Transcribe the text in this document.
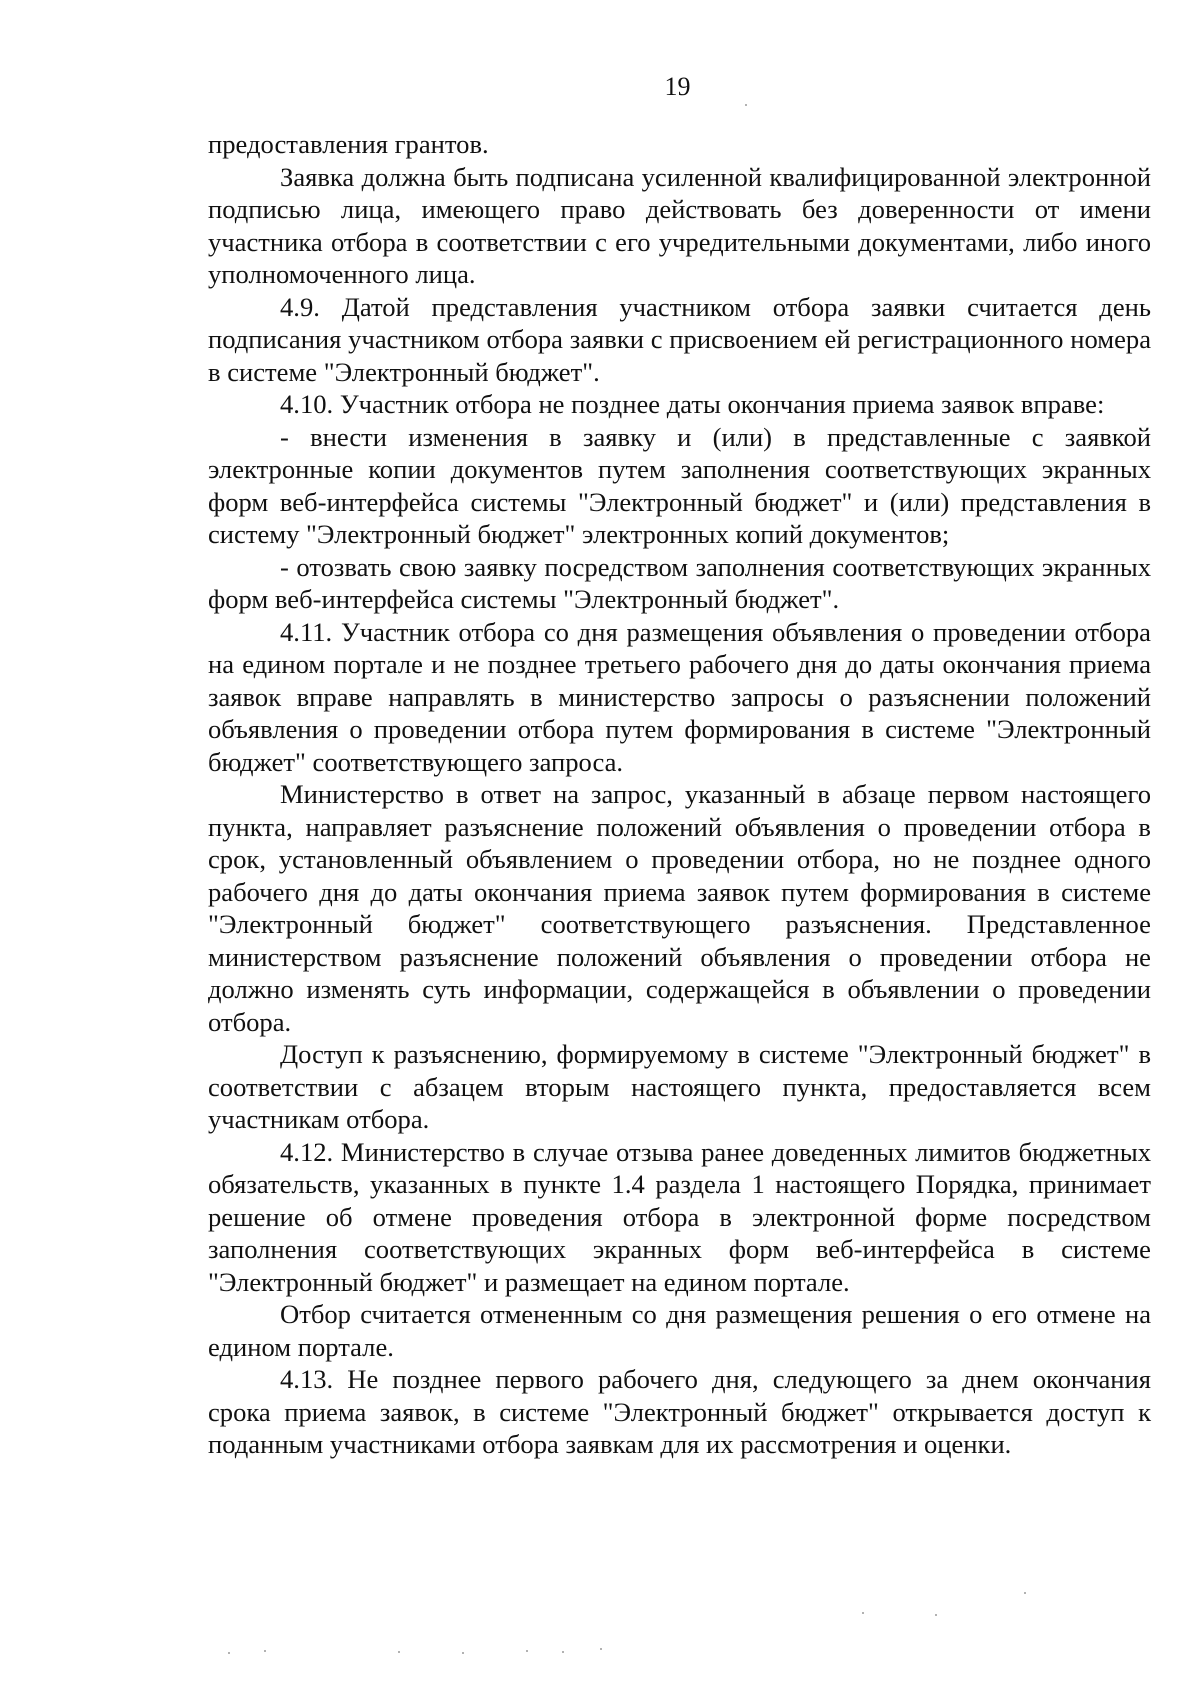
19

предоставления грантов.

Заявка должна быть подписана усиленной квалифицированной электронной подписью лица, имеющего право действовать без доверенности от имени участника отбора в соответствии с его учредительными документами, либо иного уполномоченного лица.

4.9. Датой представления участником отбора заявки считается день подписания участником отбора заявки с присвоением ей регистрационного номера в системе "Электронный бюджет".

4.10. Участник отбора не позднее даты окончания приема заявок вправе:

- внести изменения в заявку и (или) в представленные с заявкой электронные копии документов путем заполнения соответствующих экранных форм веб-интерфейса системы "Электронный бюджет" и (или) представления в систему "Электронный бюджет" электронных копий документов;

- отозвать свою заявку посредством заполнения соответствующих экранных форм веб-интерфейса системы "Электронный бюджет".

4.11. Участник отбора со дня размещения объявления о проведении отбора на едином портале и не позднее третьего рабочего дня до даты окончания приема заявок вправе направлять в министерство запросы о разъяснении положений объявления о проведении отбора путем формирования в системе "Электронный бюджет" соответствующего запроса.

Министерство в ответ на запрос, указанный в абзаце первом настоящего пункта, направляет разъяснение положений объявления о проведении отбора в срок, установленный объявлением о проведении отбора, но не позднее одного рабочего дня до даты окончания приема заявок путем формирования в системе "Электронный бюджет" соответствующего разъяснения. Представленное министерством разъяснение положений объявления о проведении отбора не должно изменять суть информации, содержащейся в объявлении о проведении отбора.

Доступ к разъяснению, формируемому в системе "Электронный бюджет" в соответствии с абзацем вторым настоящего пункта, предоставляется всем участникам отбора.

4.12. Министерство в случае отзыва ранее доведенных лимитов бюджетных обязательств, указанных в пункте 1.4 раздела 1 настоящего Порядка, принимает решение об отмене проведения отбора в электронной форме посредством заполнения соответствующих экранных форм веб-интерфейса в системе "Электронный бюджет" и размещает на едином портале.

Отбор считается отмененным со дня размещения решения о его отмене на едином портале.

4.13. Не позднее первого рабочего дня, следующего за днем окончания срока приема заявок, в системе "Электронный бюджет" открывается доступ к поданным участниками отбора заявкам для их рассмотрения и оценки.
